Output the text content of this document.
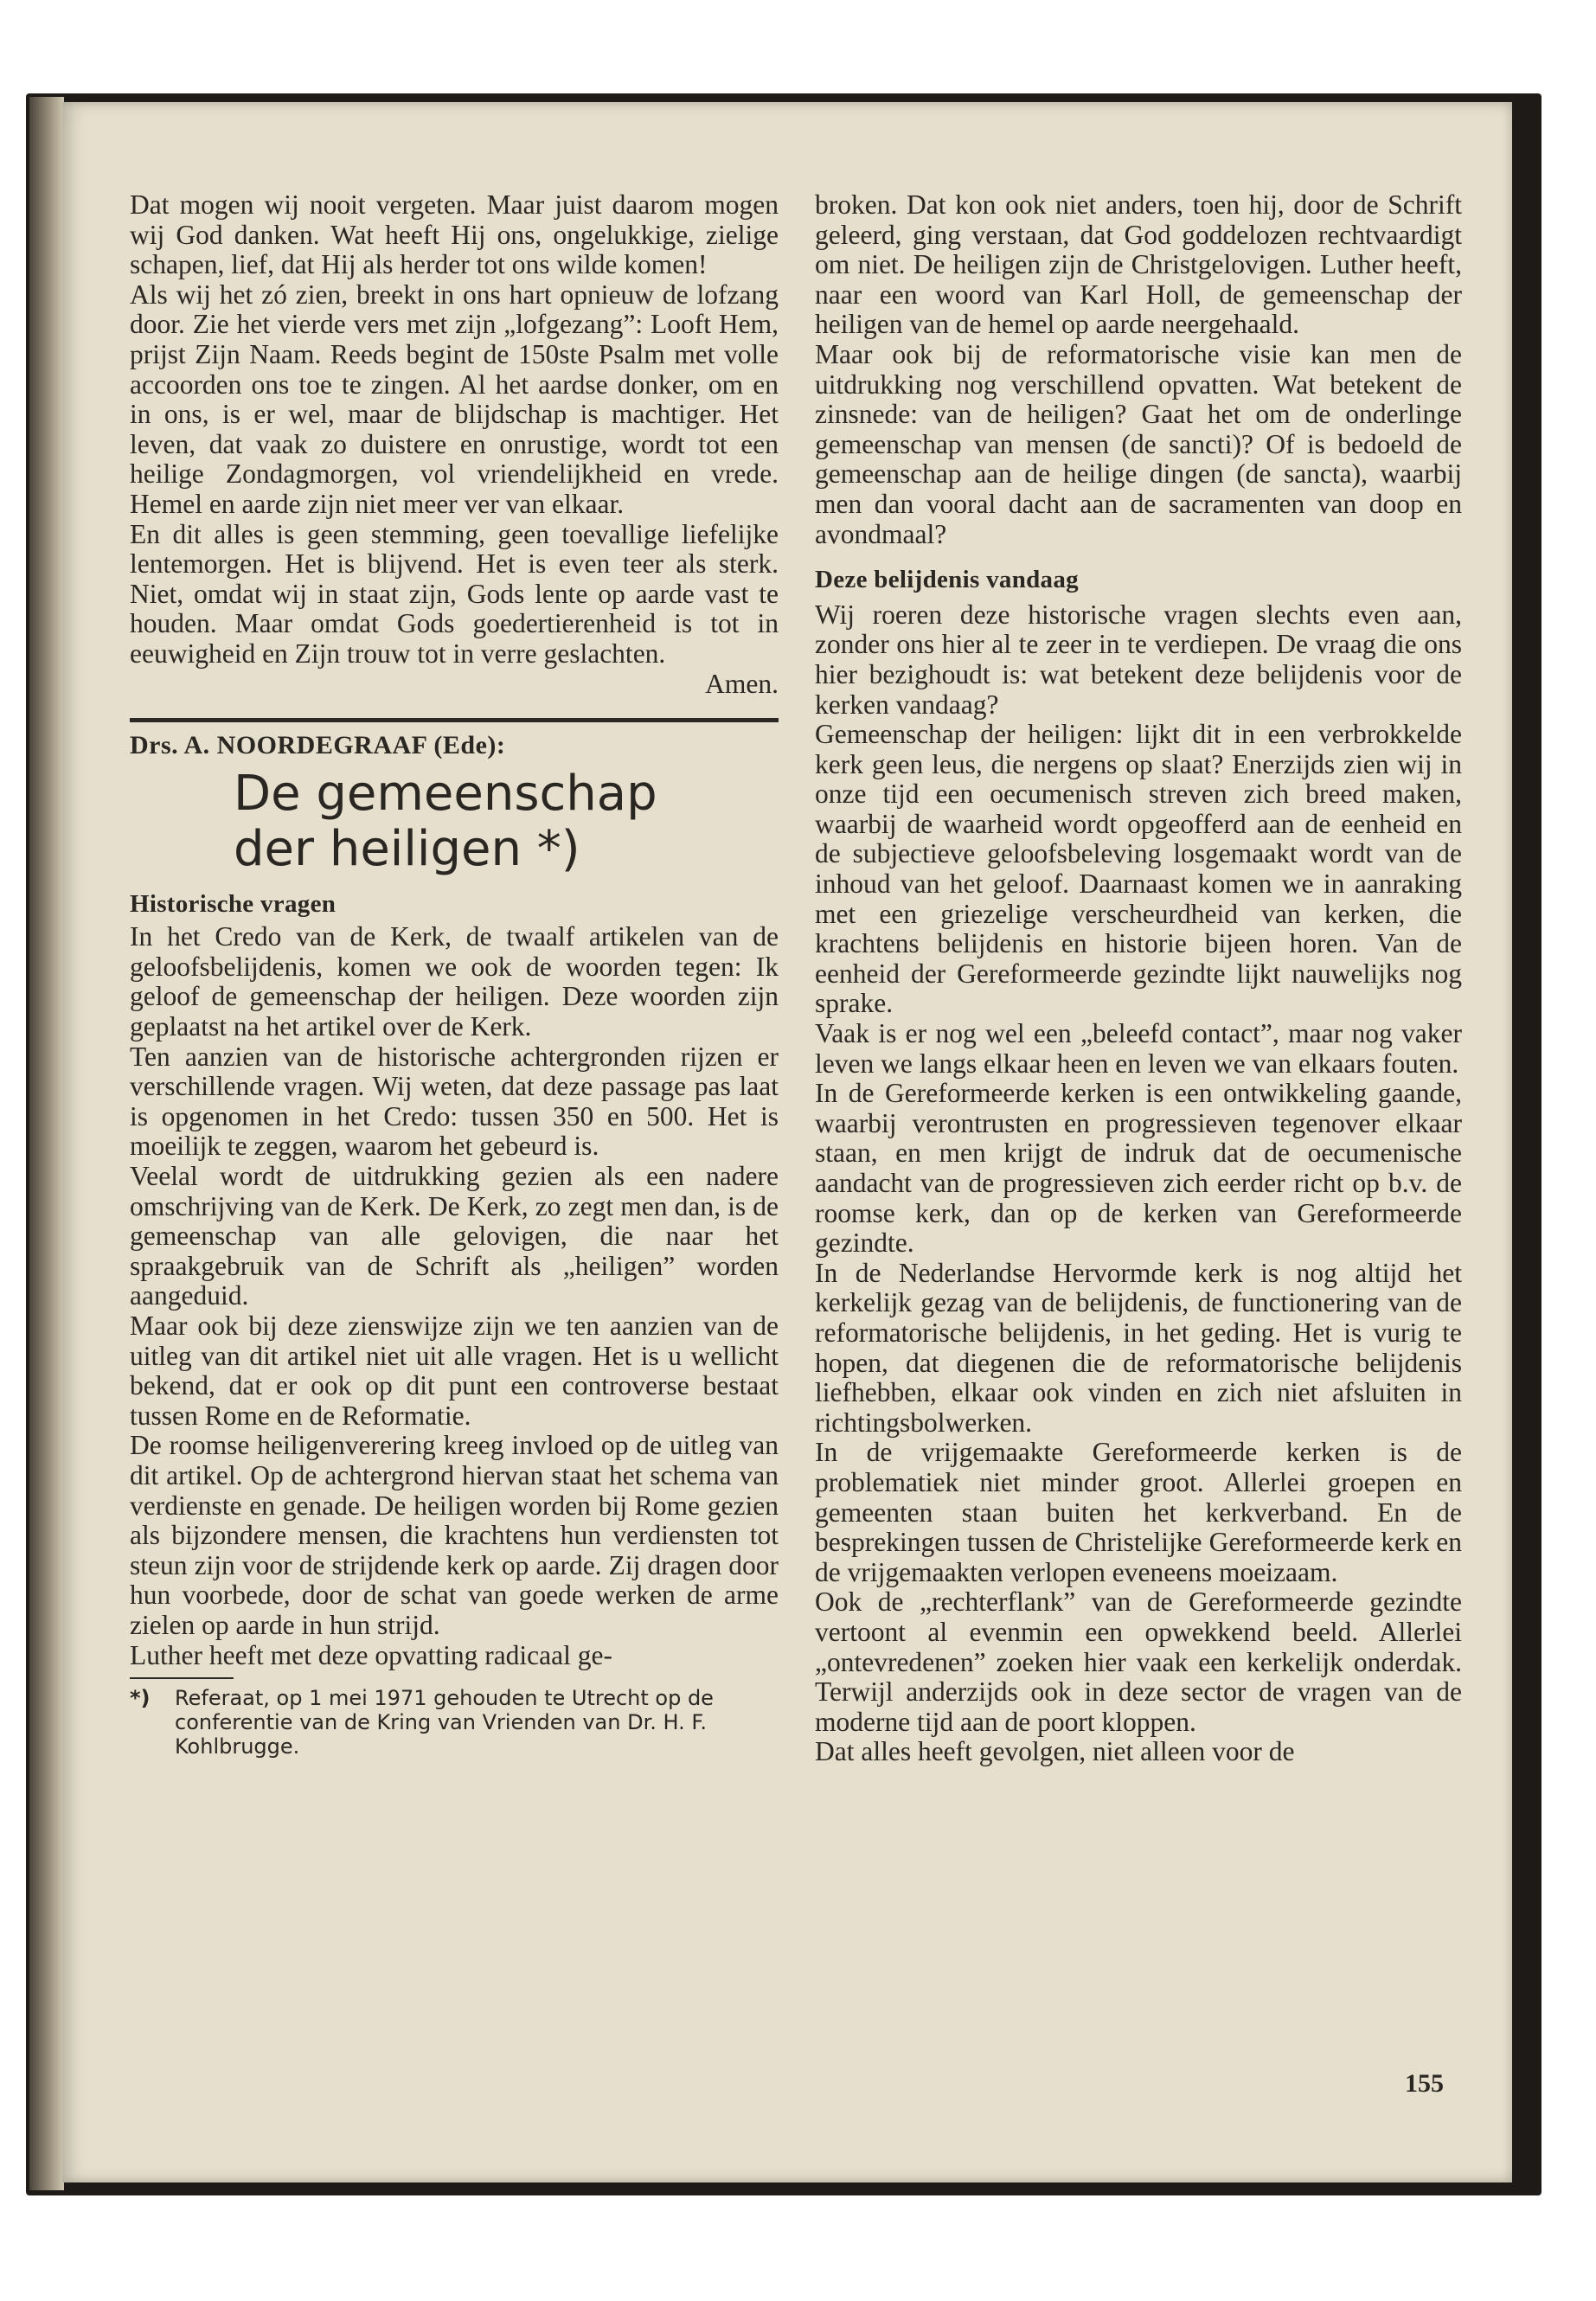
Dat mogen wij nooit vergeten. Maar juist daarom mogen wij God danken. Wat heeft Hij ons, ongelukkige, zielige schapen, lief, dat Hij als herder tot ons wilde komen!

Als wij het zó zien, breekt in ons hart opnieuw de lofzang door. Zie het vierde vers met zijn „lofgezang”: Looft Hem, prijst Zijn Naam. Reeds begint de 150ste Psalm met volle accoorden ons toe te zingen. Al het aardse donker, om en in ons, is er wel, maar de blijdschap is machtiger. Het leven, dat vaak zo duistere en onrustige, wordt tot een heilige Zondagmorgen, vol vriendelijkheid en vrede. Hemel en aarde zijn niet meer ver van elkaar.

En dit alles is geen stemming, geen toevallige liefelijke lentemorgen. Het is blijvend. Het is even teer als sterk. Niet, omdat wij in staat zijn, Gods lente op aarde vast te houden. Maar omdat Gods goedertierenheid is tot in eeuwigheid en Zijn trouw tot in verre geslachten.

Amen.

Drs. A. NOORDEGRAAF (Ede):

De gemeenschap
der heiligen *)

Historische vragen

In het Credo van de Kerk, de twaalf artikelen van de geloofsbelijdenis, komen we ook de woorden tegen: Ik geloof de gemeenschap der heiligen. Deze woorden zijn geplaatst na het artikel over de Kerk.

Ten aanzien van de historische achtergronden rijzen er verschillende vragen. Wij weten, dat deze passage pas laat is opgenomen in het Credo: tussen 350 en 500. Het is moeilijk te zeggen, waarom het gebeurd is.

Veelal wordt de uitdrukking gezien als een nadere omschrijving van de Kerk. De Kerk, zo zegt men dan, is de gemeenschap van alle gelovigen, die naar het spraakgebruik van de Schrift als „heiligen” worden aangeduid.

Maar ook bij deze zienswijze zijn we ten aanzien van de uitleg van dit artikel niet uit alle vragen. Het is u wellicht bekend, dat er ook op dit punt een controverse bestaat tussen Rome en de Reformatie.

De roomse heiligenverering kreeg invloed op de uitleg van dit artikel. Op de achtergrond hiervan staat het schema van verdienste en genade. De heiligen worden bij Rome gezien als bijzondere mensen, die krachtens hun verdiensten tot steun zijn voor de strijdende kerk op aarde. Zij dragen door hun voorbede, door de schat van goede werken de arme zielen op aarde in hun strijd.

Luther heeft met deze opvatting radicaal ge-

*)	Referaat, op 1 mei 1971 gehouden te Utrecht op de conferentie van de Kring van Vrienden van Dr. H. F. Kohlbrugge.

broken. Dat kon ook niet anders, toen hij, door de Schrift geleerd, ging verstaan, dat God goddelozen rechtvaardigt om niet. De heiligen zijn de Christgelovigen. Luther heeft, naar een woord van Karl Holl, de gemeenschap der heiligen van de hemel op aarde neergehaald.

Maar ook bij de reformatorische visie kan men de uitdrukking nog verschillend opvatten. Wat betekent de zinsnede: van de heiligen? Gaat het om de onderlinge gemeenschap van mensen (de sancti)? Of is bedoeld de gemeenschap aan de heilige dingen (de sancta), waarbij men dan vooral dacht aan de sacramenten van doop en avondmaal?

Deze belijdenis vandaag

Wij roeren deze historische vragen slechts even aan, zonder ons hier al te zeer in te verdiepen. De vraag die ons hier bezighoudt is: wat betekent deze belijdenis voor de kerken vandaag?

Gemeenschap der heiligen: lijkt dit in een verbrokkelde kerk geen leus, die nergens op slaat? Enerzijds zien wij in onze tijd een oecumenisch streven zich breed maken, waarbij de waarheid wordt opgeofferd aan de eenheid en de subjectieve geloofsbeleving losgemaakt wordt van de inhoud van het geloof. Daarnaast komen we in aanraking met een griezelige verscheurdheid van kerken, die krachtens belijdenis en historie bijeen horen. Van de eenheid der Gereformeerde gezindte lijkt nauwelijks nog sprake.

Vaak is er nog wel een „beleefd contact”, maar nog vaker leven we langs elkaar heen en leven we van elkaars fouten.

In de Gereformeerde kerken is een ontwikkeling gaande, waarbij verontrusten en progressieven tegenover elkaar staan, en men krijgt de indruk dat de oecumenische aandacht van de progressieven zich eerder richt op b.v. de roomse kerk, dan op de kerken van Gereformeerde gezindte.

In de Nederlandse Hervormde kerk is nog altijd het kerkelijk gezag van de belijdenis, de functionering van de reformatorische belijdenis, in het geding. Het is vurig te hopen, dat diegenen die de reformatorische belijdenis liefhebben, elkaar ook vinden en zich niet afsluiten in richtingsbolwerken.

In de vrijgemaakte Gereformeerde kerken is de problematiek niet minder groot. Allerlei groepen en gemeenten staan buiten het kerkverband. En de besprekingen tussen de Christelijke Gereformeerde kerk en de vrijgemaakten verlopen eveneens moeizaam.

Ook de „rechterflank” van de Gereformeerde gezindte vertoont al evenmin een opwekkend beeld. Allerlei „ontevredenen” zoeken hier vaak een kerkelijk onderdak. Terwijl anderzijds ook in deze sector de vragen van de moderne tijd aan de poort kloppen.

Dat alles heeft gevolgen, niet alleen voor de

155
